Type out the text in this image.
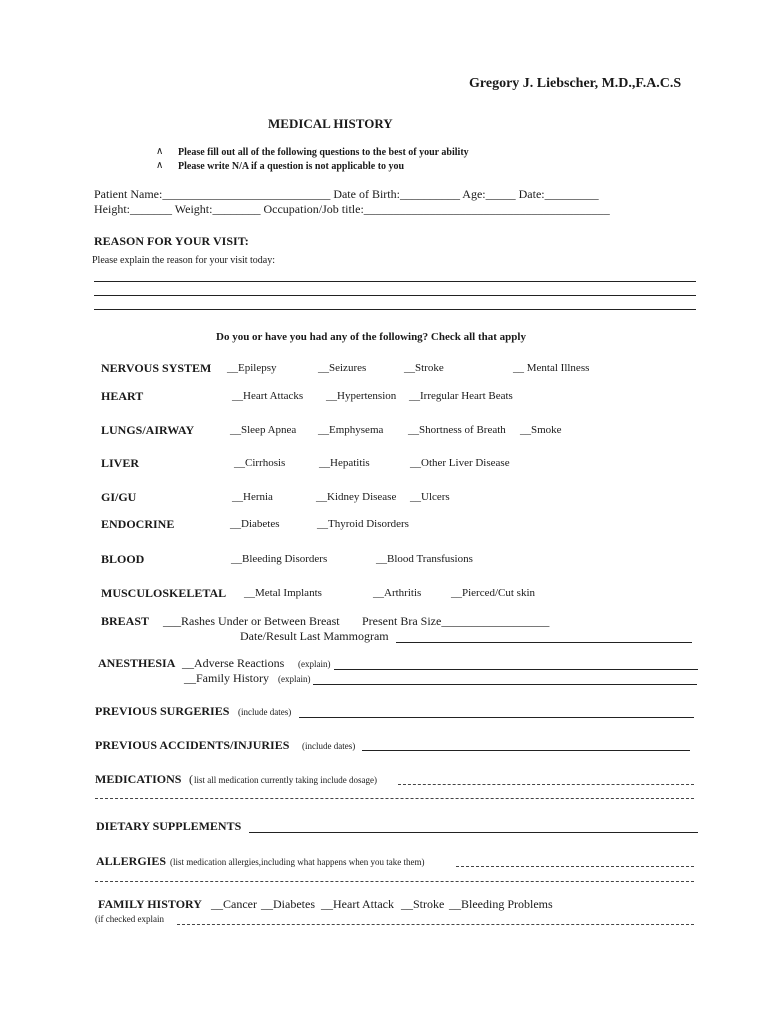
Gregory J. Liebscher, M.D.,F.A.C.S
MEDICAL HISTORY
∧ Please fill out all of the following questions to the best of your ability
∧ Please write N/A if a question is not applicable to you
Patient Name:____________________________ Date of Birth:__________ Age:_____ Date:_________
Height:_______ Weight:________ Occupation/Job title:_________________________________________
REASON FOR YOUR VISIT:
Please explain the reason for your visit today:
Do you or have you had any of the following? Check all that apply
NERVOUS SYSTEM __Epilepsy	__Seizures	__Stroke	__ Mental Illness
HEART	__Heart Attacks __Hypertension __Irregular Heart Beats
LUNGS/AIRWAY	__Sleep Apnea __Emphysema __Shortness of Breath __Smoke
LIVER	__Cirrhosis	__Hepatitis	__Other Liver Disease
GI/GU	__Hernia	__Kidney Disease __Ulcers
ENDOCRINE	__Diabetes	__Thyroid Disorders
BLOOD	__Bleeding Disorders	__Blood Transfusions
MUSCULOSKELETAL __Metal Implants	__Arthritis	__Pierced/Cut skin
BREAST ___Rashes Under or Between Breast Present Bra Size__________________
Date/Result Last Mammogram
ANESTHESIA __Adverse Reactions (explain)
__Family History (explain)
PREVIOUS SURGERIES (include dates)
PREVIOUS ACCIDENTS/INJURIES (include dates)
MEDICATIONS ( list all medication currently taking include dosage)
DIETARY SUPPLEMENTS
ALLERGIES (list medication allergies,including what happens when you take them)
FAMILY HISTORY __Cancer __Diabetes __Heart Attack __Stroke __Bleeding Problems
(if checked explain
